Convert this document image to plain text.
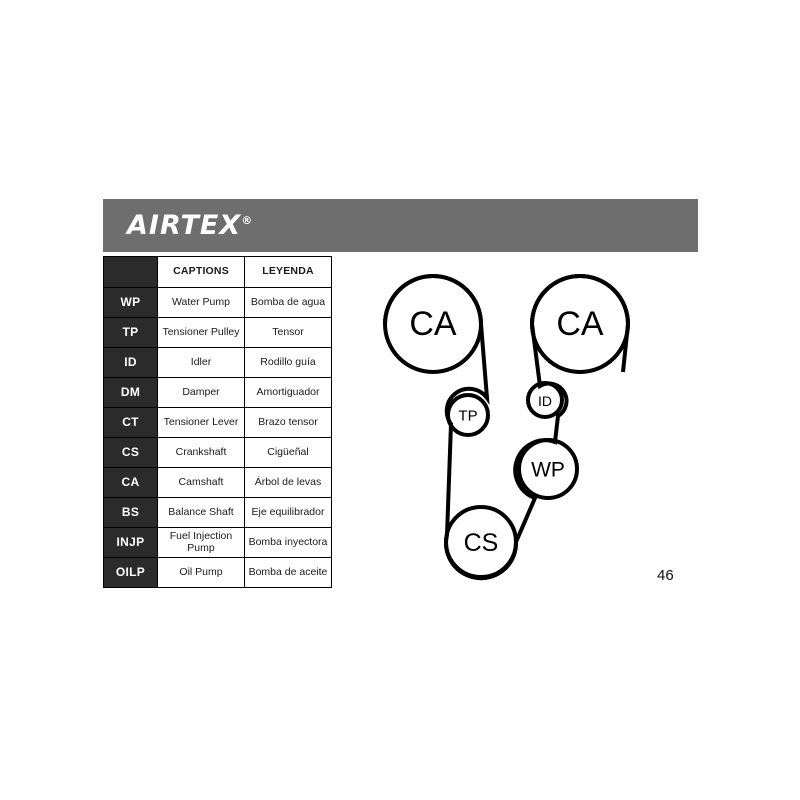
AIRTEX®
	CAPTIONS	LEYENDA
WP	Water Pump	Bomba de agua
TP	Tensioner Pulley	Tensor
ID	Idler	Rodillo guía
DM	Damper	Amortiguador
CT	Tensioner Lever	Brazo tensor
CS	Crankshaft	Cigüeñal
CA	Camshaft	Árbol de levas
BS	Balance Shaft	Eje equilibrador
INJP	Fuel Injection Pump	Bomba inyectora
OILP	Oil Pump	Bomba de aceite
CA	CA
TP
ID
WP
CS
46
